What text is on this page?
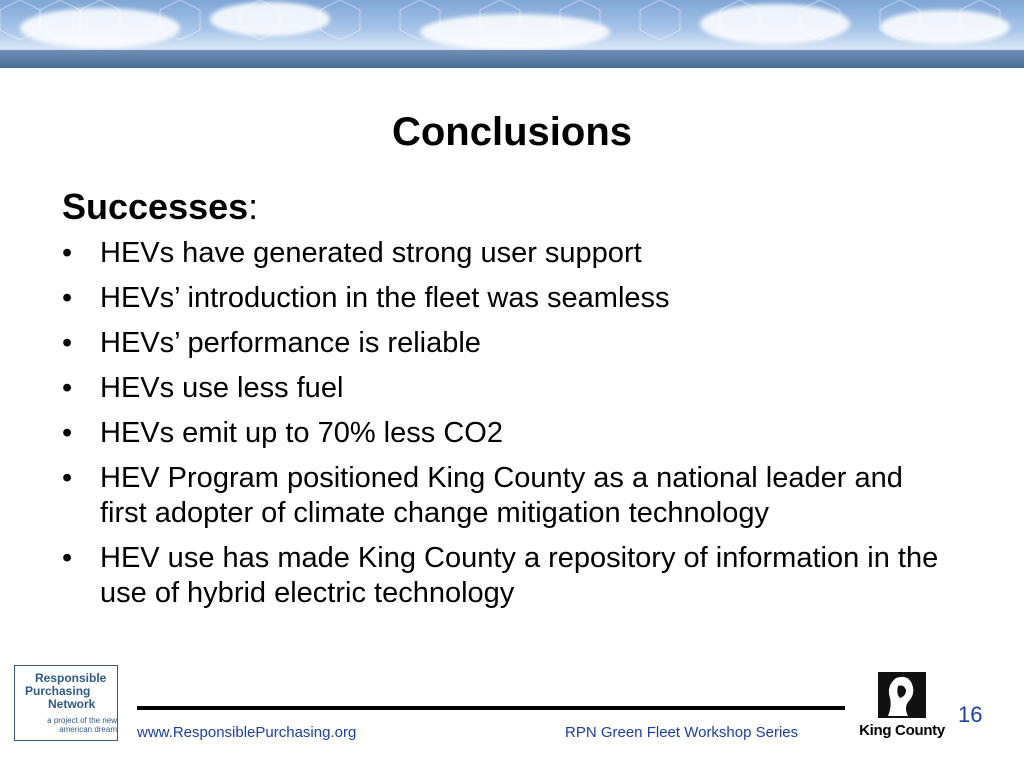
Conclusions
Successes:
• HEVs have generated strong user support
• HEVs’ introduction in the fleet was seamless
• HEVs’ performance is reliable
• HEVs use less fuel
• HEVs emit up to 70% less CO2
• HEV Program positioned King County as a national leader and first adopter of climate change mitigation technology
• HEV use has made King County a repository of information in the use of hybrid electric technology
Responsible
Purchasing
Network
a project of the new american dream www.ResponsiblePurchasing.org	RPN Green Fleet Workshop Series	King County
16
